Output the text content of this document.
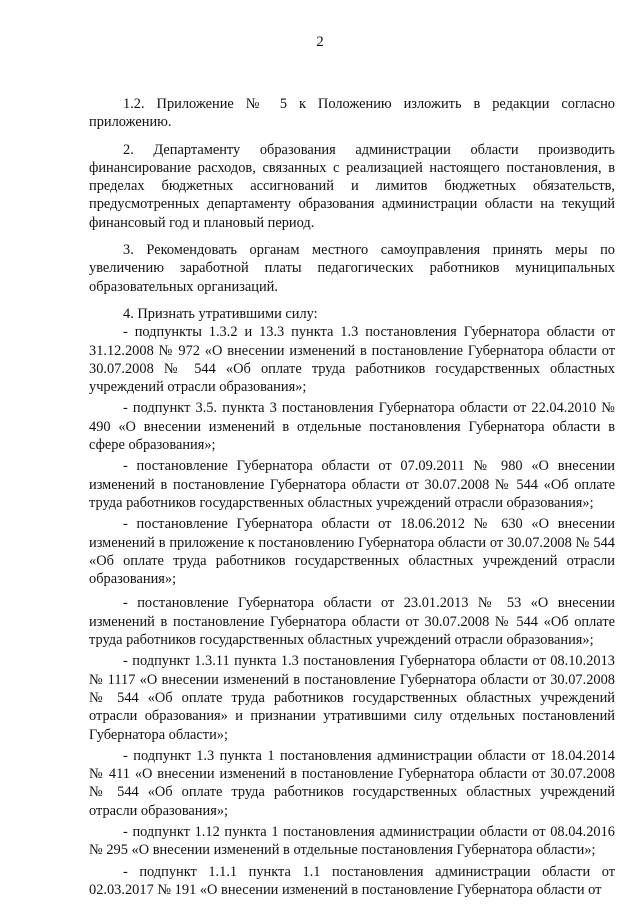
2

1.2. Приложение № 5 к Положению изложить в редакции согласно приложению.

2. Департаменту образования администрации области производить финансирование расходов, связанных с реализацией настоящего постановления, в пределах бюджетных ассигнований и лимитов бюджетных обязательств, предусмотренных департаменту образования администрации области на текущий финансовый год и плановый период.

3. Рекомендовать органам местного самоуправления принять меры по увеличению заработной платы педагогических работников муниципальных образовательных организаций.

4. Признать утратившими силу:

- подпункты 1.3.2 и 13.3 пункта 1.3 постановления Губернатора области от 31.12.2008 № 972 «О внесении изменений в постановление Губернатора области от 30.07.2008 № 544 «Об оплате труда работников государственных областных учреждений отрасли образования»;

- подпункт 3.5. пункта 3 постановления Губернатора области от 22.04.2010 № 490 «О внесении изменений в отдельные постановления Губернатора области в сфере образования»;

- постановление Губернатора области от 07.09.2011 № 980 «О внесении изменений в постановление Губернатора области от 30.07.2008 № 544 «Об оплате труда работников государственных областных учреждений отрасли образования»;

- постановление Губернатора области от 18.06.2012 № 630 «О внесении изменений в приложение к постановлению Губернатора области от 30.07.2008 № 544 «Об оплате труда работников государственных областных учреждений отрасли образования»;

- постановление Губернатора области от 23.01.2013 № 53 «О внесении изменений в постановление Губернатора области от 30.07.2008 № 544 «Об оплате труда работников государственных областных учреждений отрасли образования»;

- подпункт 1.3.11 пункта 1.3 постановления Губернатора области от 08.10.2013 № 1117 «О внесении изменений в постановление Губернатора области от 30.07.2008 № 544 «Об оплате труда работников государственных областных учреждений отрасли образования» и признании утратившими силу отдельных постановлений Губернатора области»;

- подпункт 1.3 пункта 1 постановления администрации области от 18.04.2014 № 411 «О внесении изменений в постановление Губернатора области от 30.07.2008 № 544 «Об оплате труда работников государственных областных учреждений отрасли образования»;

- подпункт 1.12 пункта 1 постановления администрации области от 08.04.2016 № 295 «О внесении изменений в отдельные постановления Губернатора области»;

- подпункт 1.1.1 пункта 1.1 постановления администрации области от 02.03.2017 № 191 «О внесении изменений в постановление Губернатора области от
